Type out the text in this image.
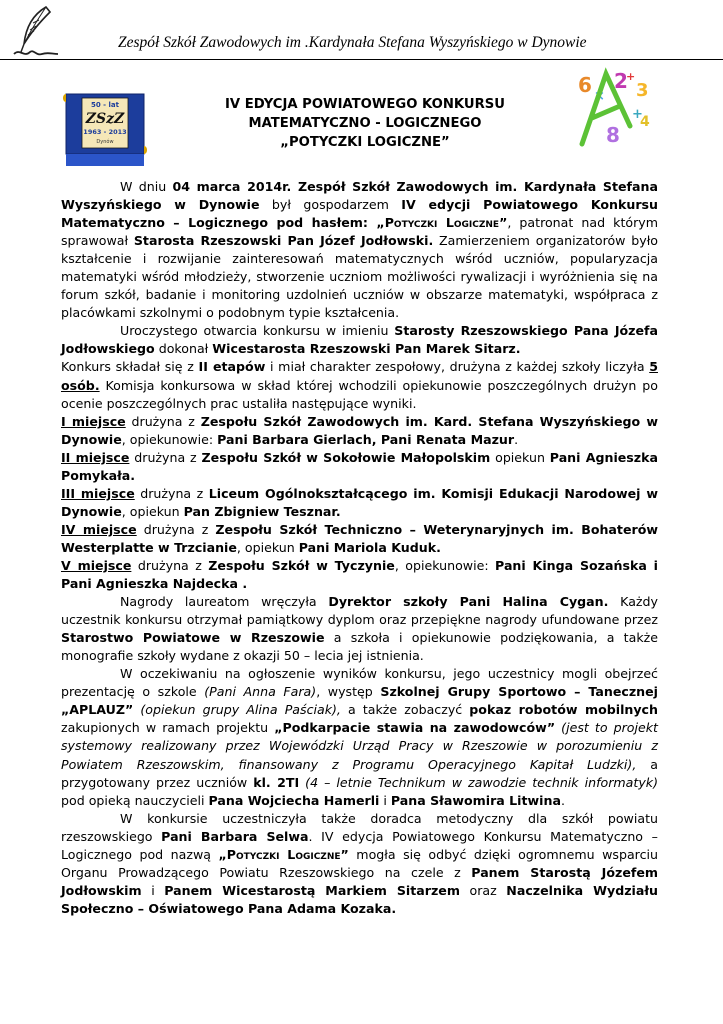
Zespół Szkół Zawodowych im .Kardynała Stefana Wyszyńskiego w Dynowie
50 - lat
ZSzZ
1963 - 2013
Dynów
IV EDYCJA POWIATOWEGO KONKURSU
MATEMATYCZNO - LOGICZNEGO
„POTYCZKI LOGICZNE”
6 2
+
3
×
+
4
8

W dniu 04 marca 2014r. Zespół Szkół Zawodowych im. Kardynała Stefana Wyszyńskiego w Dynowie był gospodarzem IV edycji Powiatowego Konkursu Matematyczno – Logicznego pod hasłem: „Potyczki Logiczne”, patronat nad którym sprawował Starosta Rzeszowski Pan Józef Jodłowski. Zamierzeniem organizatorów było kształcenie i rozwijanie zainteresowań matematycznych wśród uczniów, popularyzacja matematyki wśród młodzieży, stworzenie uczniom możliwości rywalizacji i wyróżnienia się na forum szkół, badanie i monitoring uzdolnień uczniów w obszarze matematyki, współpraca z placówkami szkolnymi o podobnym typie kształcenia.

Uroczystego otwarcia konkursu w imieniu Starosty Rzeszowskiego Pana Józefa Jodłowskiego dokonał Wicestarosta Rzeszowski Pan Marek Sitarz.

Konkurs składał się z II etapów i miał charakter zespołowy, drużyna z każdej szkoły liczyła 5 osób. Komisja konkursowa w skład której wchodzili opiekunowie poszczególnych drużyn po ocenie poszczególnych prac ustaliła następujące wyniki.

I miejsce drużyna z Zespołu Szkół Zawodowych im. Kard. Stefana Wyszyńskiego w Dynowie, opiekunowie: Pani Barbara Gierlach, Pani Renata Mazur.

II miejsce drużyna z Zespołu Szkół w Sokołowie Małopolskim opiekun Pani Agnieszka Pomykała.

III miejsce drużyna z Liceum Ogólnokształcącego im. Komisji Edukacji Narodowej w Dynowie, opiekun Pan Zbigniew Tesznar.

IV miejsce drużyna z Zespołu Szkół Techniczno – Weterynaryjnych im. Bohaterów Westerplatte w Trzcianie, opiekun Pani Mariola Kuduk.

V miejsce drużyna z Zespołu Szkół w Tyczynie, opiekunowie: Pani Kinga Sozańska i Pani Agnieszka Najdecka .

Nagrody laureatom wręczyła Dyrektor szkoły Pani Halina Cygan. Każdy uczestnik konkursu otrzymał pamiątkowy dyplom oraz przepiękne nagrody ufundowane przez Starostwo Powiatowe w Rzeszowie a szkoła i opiekunowie podziękowania, a także monografie szkoły wydane z okazji 50 – lecia jej istnienia.

W oczekiwaniu na ogłoszenie wyników konkursu, jego uczestnicy mogli obejrzeć prezentację o szkole (Pani Anna Fara), występ Szkolnej Grupy Sportowo – Tanecznej „APLAUZ” (opiekun grupy Alina Paściak), a także zobaczyć pokaz robotów mobilnych zakupionych w ramach projektu „Podkarpacie stawia na zawodowców” (jest to projekt systemowy realizowany przez Wojewódzki Urząd Pracy w Rzeszowie w porozumieniu z Powiatem Rzeszowskim, finansowany z Programu Operacyjnego Kapitał Ludzki), a przygotowany przez uczniów kl. 2TI (4 – letnie Technikum w zawodzie technik informatyk) pod opieką nauczycieli Pana Wojciecha Hamerli i Pana Sławomira Litwina.

W konkursie uczestniczyła także doradca metodyczny dla szkół powiatu rzeszowskiego Pani Barbara Selwa. IV edycja Powiatowego Konkursu Matematyczno – Logicznego pod nazwą „Potyczki Logiczne” mogła się odbyć dzięki ogromnemu wsparciu Organu Prowadzącego Powiatu Rzeszowskiego na czele z Panem Starostą Józefem Jodłowskim i Panem Wicestarostą Markiem Sitarzem oraz Naczelnika Wydziału Społeczno – Oświatowego Pana Adama Kozaka.
